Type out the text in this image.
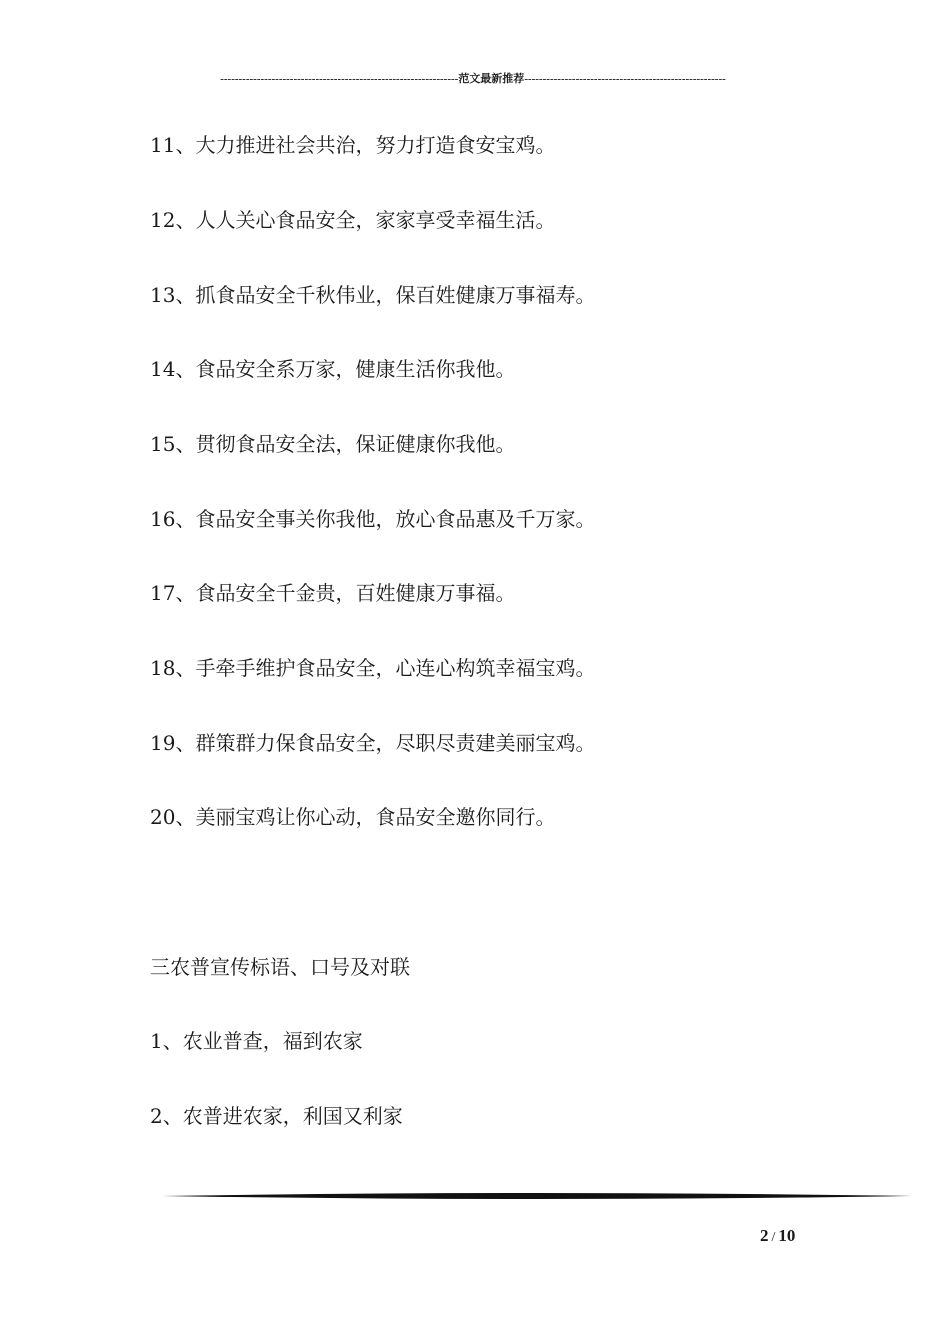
-----------------------------------------------------------------范文最新推荐-------------------------------------------------------
11、大力推进社会共治，努力打造食安宝鸡。
12、人人关心食品安全，家家享受幸福生活。
13、抓食品安全千秋伟业，保百姓健康万事福寿。
14、食品安全系万家，健康生活你我他。
15、贯彻食品安全法，保证健康你我他。
16、食品安全事关你我他，放心食品惠及千万家。
17、食品安全千金贵，百姓健康万事福。
18、手牵手维护食品安全，心连心构筑幸福宝鸡。
19、群策群力保食品安全，尽职尽责建美丽宝鸡。
20、美丽宝鸡让你心动，食品安全邀你同行。
三农普宣传标语、口号及对联
1、农业普查，福到农家
2、农普进农家，利国又利家
2 / 10
